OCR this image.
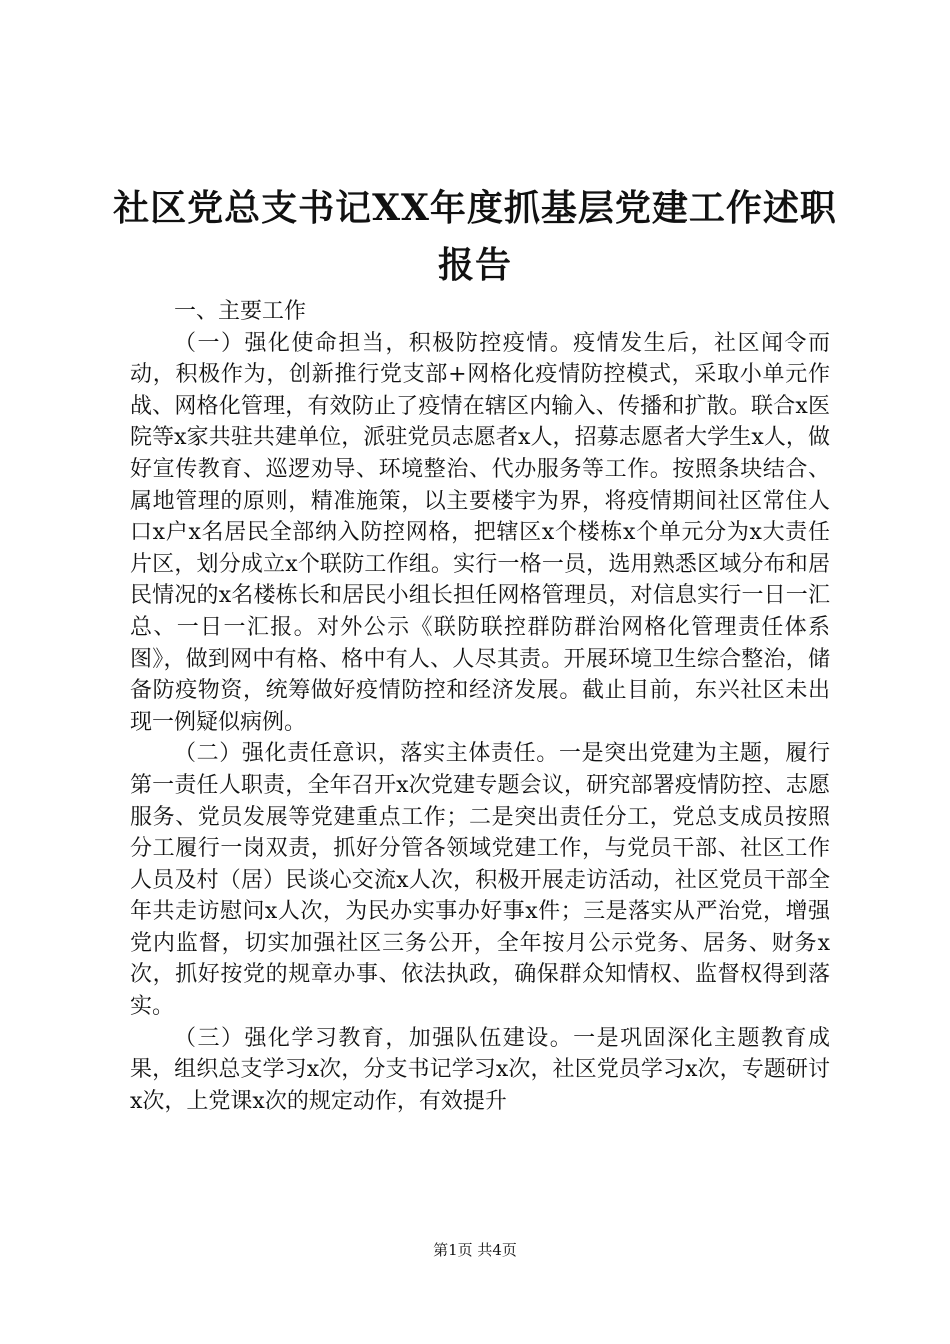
社区党总支书记XX年度抓基层党建工作述职
报告

一、主要工作

（一）强化使命担当，积极防控疫情。疫情发生后，社区闻令而动，积极作为，创新推行党支部+网格化疫情防控模式，采取小单元作战、网格化管理，有效防止了疫情在辖区内输入、传播和扩散。联合x医院等x家共驻共建单位，派驻党员志愿者x人，招募志愿者大学生x人，做好宣传教育、巡逻劝导、环境整治、代办服务等工作。按照条块结合、属地管理的原则，精准施策，以主要楼宇为界，将疫情期间社区常住人口x户x名居民全部纳入防控网格，把辖区x个楼栋x个单元分为x大责任片区，划分成立x个联防工作组。实行一格一员，选用熟悉区域分布和居民情况的x名楼栋长和居民小组长担任网格管理员，对信息实行一日一汇总、一日一汇报。对外公示《联防联控群防群治网格化管理责任体系图》，做到网中有格、格中有人、人尽其责。开展环境卫生综合整治，储备防疫物资，统筹做好疫情防控和经济发展。截止目前，东兴社区未出现一例疑似病例。

（二）强化责任意识，落实主体责任。一是突出党建为主题，履行第一责任人职责，全年召开x次党建专题会议，研究部署疫情防控、志愿服务、党员发展等党建重点工作；二是突出责任分工，党总支成员按照分工履行一岗双责，抓好分管各领域党建工作，与党员干部、社区工作人员及村（居）民谈心交流x人次，积极开展走访活动，社区党员干部全年共走访慰问x人次，为民办实事办好事x件；三是落实从严治党，增强党内监督，切实加强社区三务公开，全年按月公示党务、居务、财务x次，抓好按党的规章办事、依法执政，确保群众知情权、监督权得到落实。

（三）强化学习教育，加强队伍建设。一是巩固深化主题教育成果，组织总支学习x次，分支书记学习x次，社区党员学习x次，专题研讨x次，上党课x次的规定动作，有效提升

第1页 共4页
